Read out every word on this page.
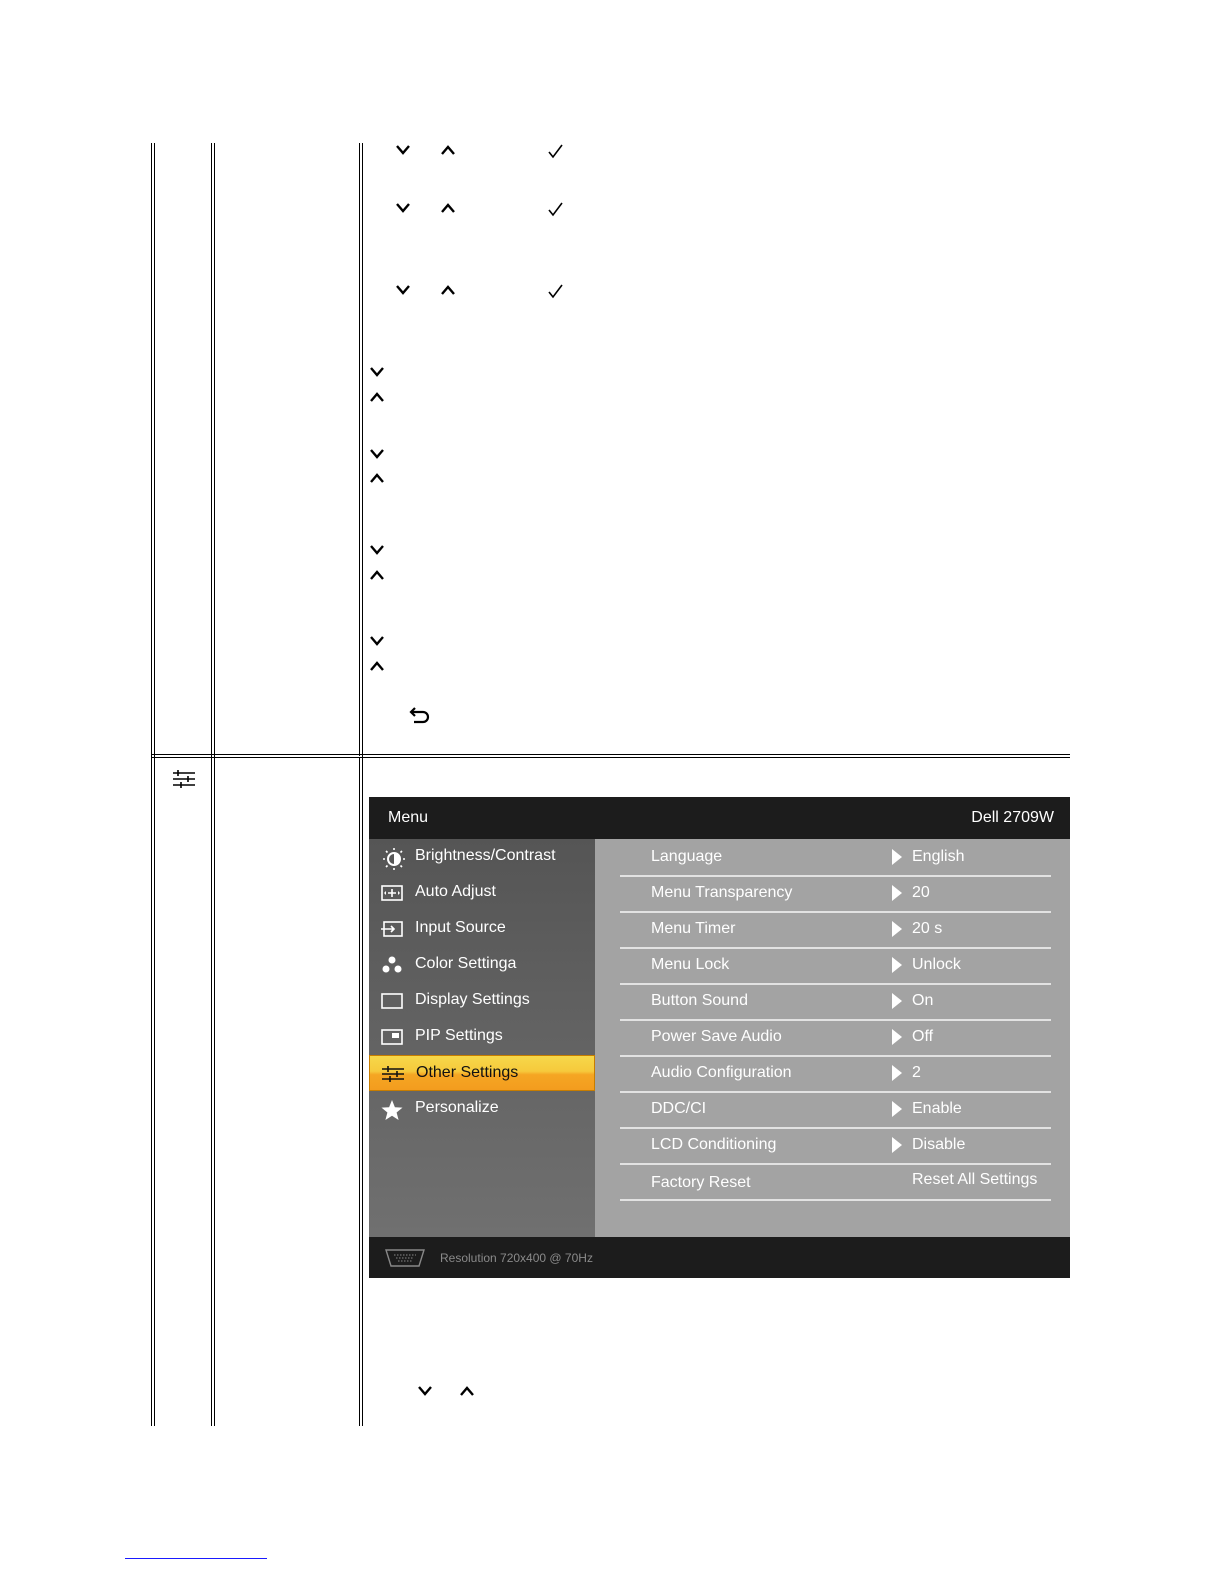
Menu	Dell 2709W
Brightness/Contrast
Auto Adjust
Input Source
Color Settinga
Display Settings
PIP Settings
Other Settings
Personalize
Language	English
Menu Transparency	20
Menu Timer	20 s
Menu Lock	Unlock
Button Sound	On
Power Save Audio	Off
Audio Configuration	2
DDC/CI	Enable
LCD Conditioning	Disable
Factory Reset	Reset All Settings
Resolution 720x400 @ 70Hz
